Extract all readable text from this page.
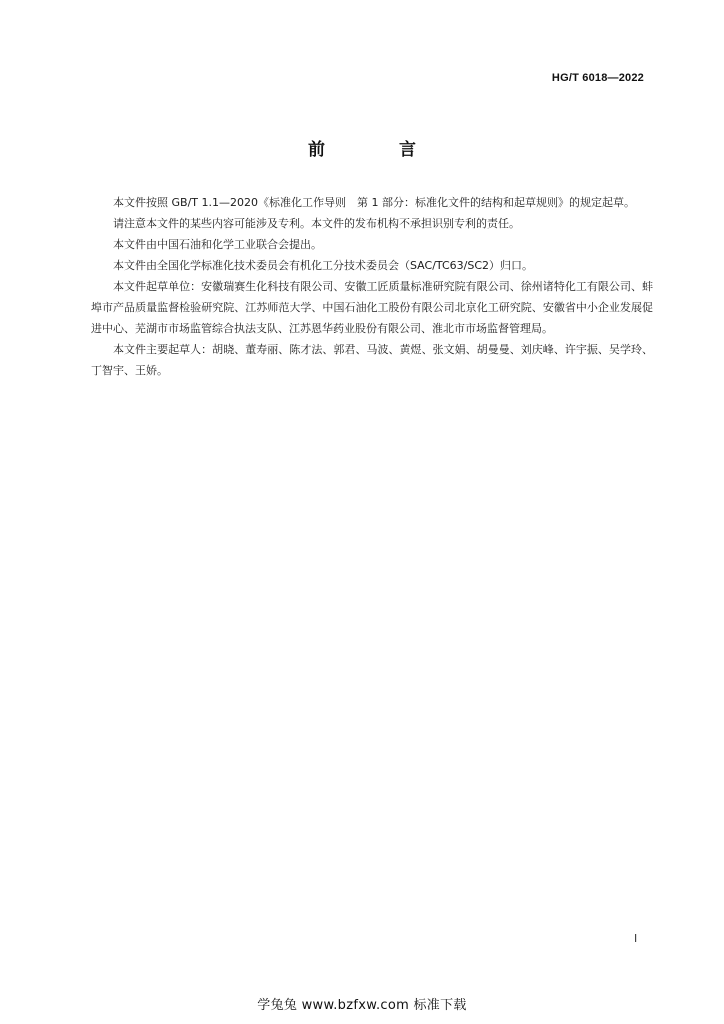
HG/T 6018—2022
前 言

本文件按照 GB/T 1.1—2020《标准化工作导则　第 1 部分：标准化文件的结构和起草规则》的规定起草。

请注意本文件的某些内容可能涉及专利。本文件的发布机构不承担识别专利的责任。

本文件由中国石油和化学工业联合会提出。

本文件由全国化学标准化技术委员会有机化工分技术委员会（SAC/TC63/SC2）归口。

本文件起草单位：安徽瑞赛生化科技有限公司、安徽工匠质量标准研究院有限公司、徐州诸特化工有限公司、蚌埠市产品质量监督检验研究院、江苏师范大学、中国石油化工股份有限公司北京化工研究院、安徽省中小企业发展促进中心、芜湖市市场监管综合执法支队、江苏恩华药业股份有限公司、淮北市市场监督管理局。

本文件主要起草人：胡晓、董寿丽、陈才法、郭君、马波、黄煜、张文娟、胡曼曼、刘庆峰、许宇振、吴学玲、丁智宇、王娇。

I
学兔兔 www.bzfxw.com 标准下载
